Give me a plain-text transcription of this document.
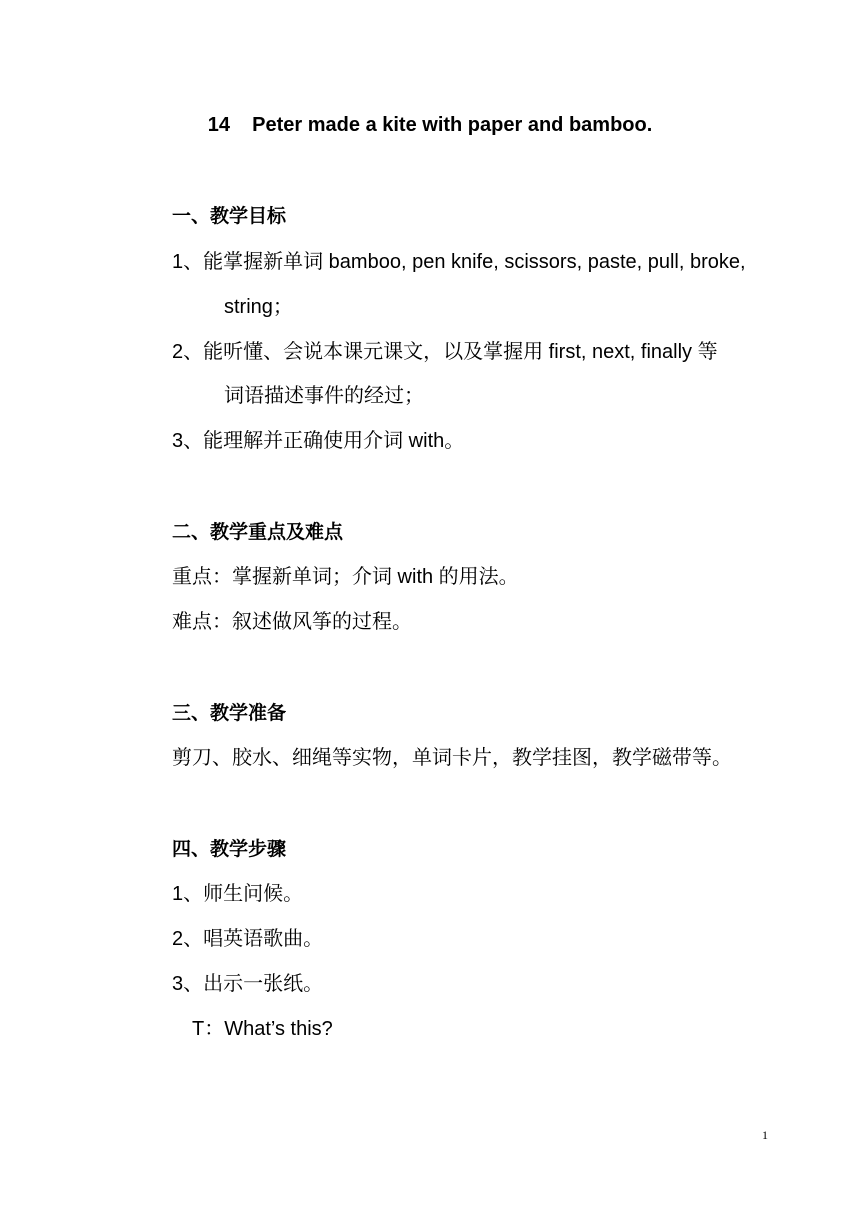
14    Peter made a kite with paper and bamboo.
一、教学目标
1、能掌握新单词 bamboo, pen knife, scissors, paste, pull, broke,
string；
2、能听懂、会说本课元课文，以及掌握用 first, next, finally 等
词语描述事件的经过；
3、能理解并正确使用介词 with。
二、教学重点及难点
重点：掌握新单词；介词 with 的用法。
难点：叙述做风筝的过程。
三、教学准备
剪刀、胶水、细绳等实物，单词卡片，教学挂图，教学磁带等。
四、教学步骤
1、师生问候。
2、唱英语歌曲。
3、出示一张纸。
T：What’s this?
1
